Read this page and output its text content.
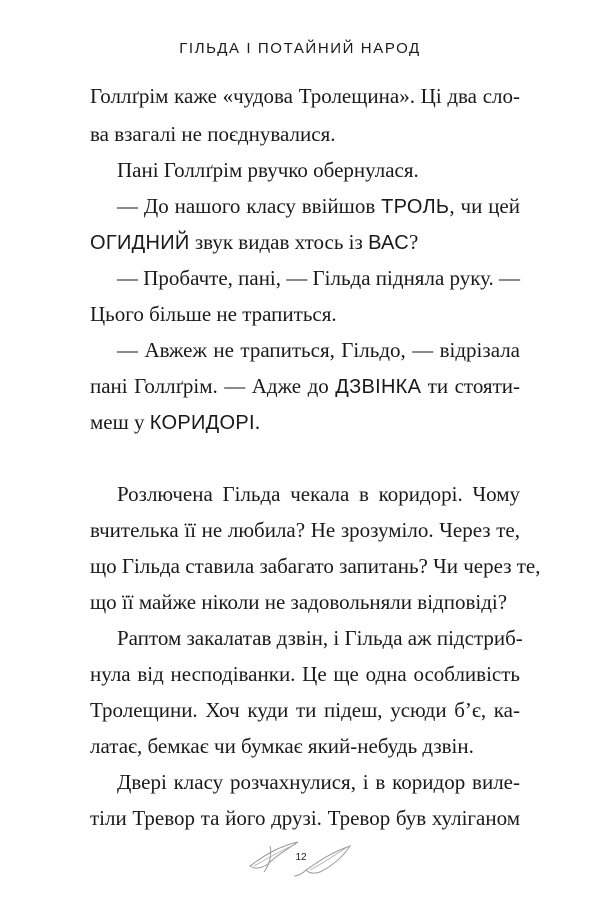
ГІЛЬДА І ПОТАЙНИЙ НАРОД

Голлґрім каже «чудова Тролещина». Ці два сло-

ва взагалі не поєднувалися.

Пані Голлґрім рвучко обернулася.

— До нашого класу ввійшов ТРОЛЬ, чи цей

ОГИДНИЙ звук видав хтось із ВАС?

— Пробачте, пані, — Гільда підняла руку. —

Цього більше не трапиться.

— Авжеж не трапиться, Гільдо, — відрізала

пані Голлґрім. — Адже до ДЗВІНКА ти стояти-

меш у КОРИДОРІ.

Розлючена Гільда чекала в коридорі. Чому

вчителька її не любила? Не зрозуміло. Через те,

що Гільда ставила забагато запитань? Чи через те,

що її майже ніколи не задовольняли відповіді?

Раптом закалатав дзвін, і Гільда аж підстриб-

нула від несподіванки. Це ще одна особливість

Тролещини. Хоч куди ти підеш, усюди б’є, ка-

латає, бемкає чи бумкає який-небудь дзвін.

Двері класу розчахнулися, і в коридор виле-

тіли Тревор та його друзі. Тревор був хуліганом

12
